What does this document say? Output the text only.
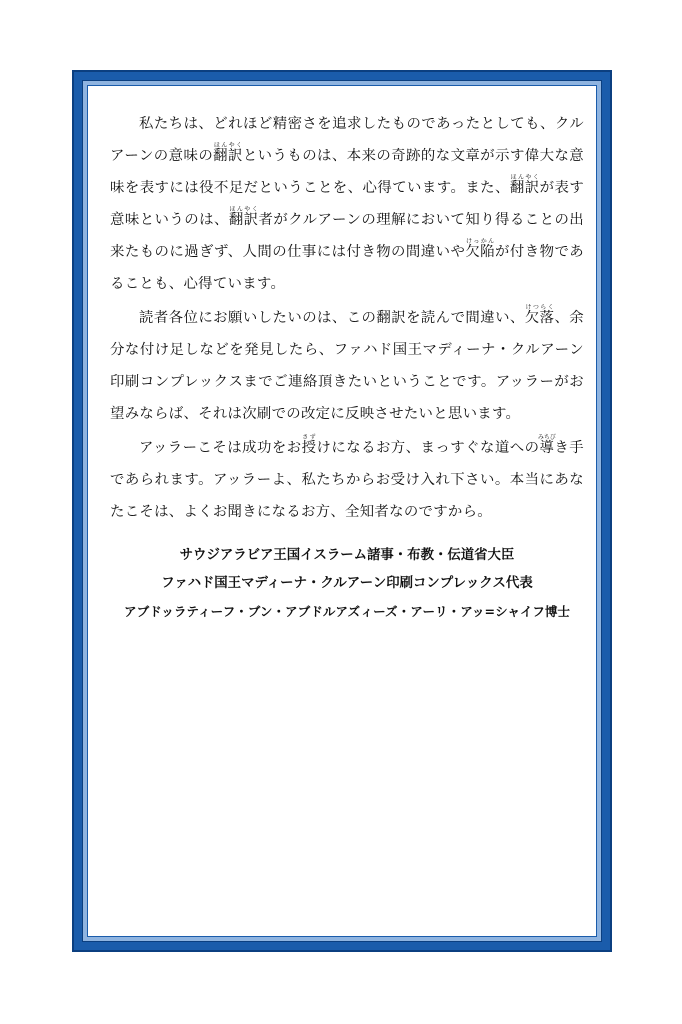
私たちは、どれほど精密さを追求したものであったとしても、クルアーンの意味の翻訳ほんやくというものは、本来の奇跡的な文章が示す偉大な意味を表すには役不足だということを、心得ています。また、翻訳ほんやくが表す意味というのは、翻訳ほんやく者がクルアーンの理解において知り得ることの出来たものに過ぎず、人間の仕事には付き物の間違いや欠陥けっかんが付き物であることも、心得ています。

読者各位にお願いしたいのは、この翻訳を読んで間違い、欠落けつらく、余分な付け足しなどを発見したら、ファハド国王マディーナ・クルアーン印刷コンプレックスまでご連絡頂きたいということです。アッラーがお望みならば、それは次刷での改定に反映させたいと思います。

アッラーこそは成功をお授さずけになるお方、まっすぐな道への導みちびき手であられます。アッラーよ、私たちからお受け入れ下さい。本当にあなたこそは、よくお聞きになるお方、全知者なのですから。

サウジアラビア王国イスラーム諸事・布教・伝道省大臣
ファハド国王マディーナ・クルアーン印刷コンプレックス代表
アブドッラティーフ・ブン・アブドルアズィーズ・アーリ・アッ=シャイフ博士
